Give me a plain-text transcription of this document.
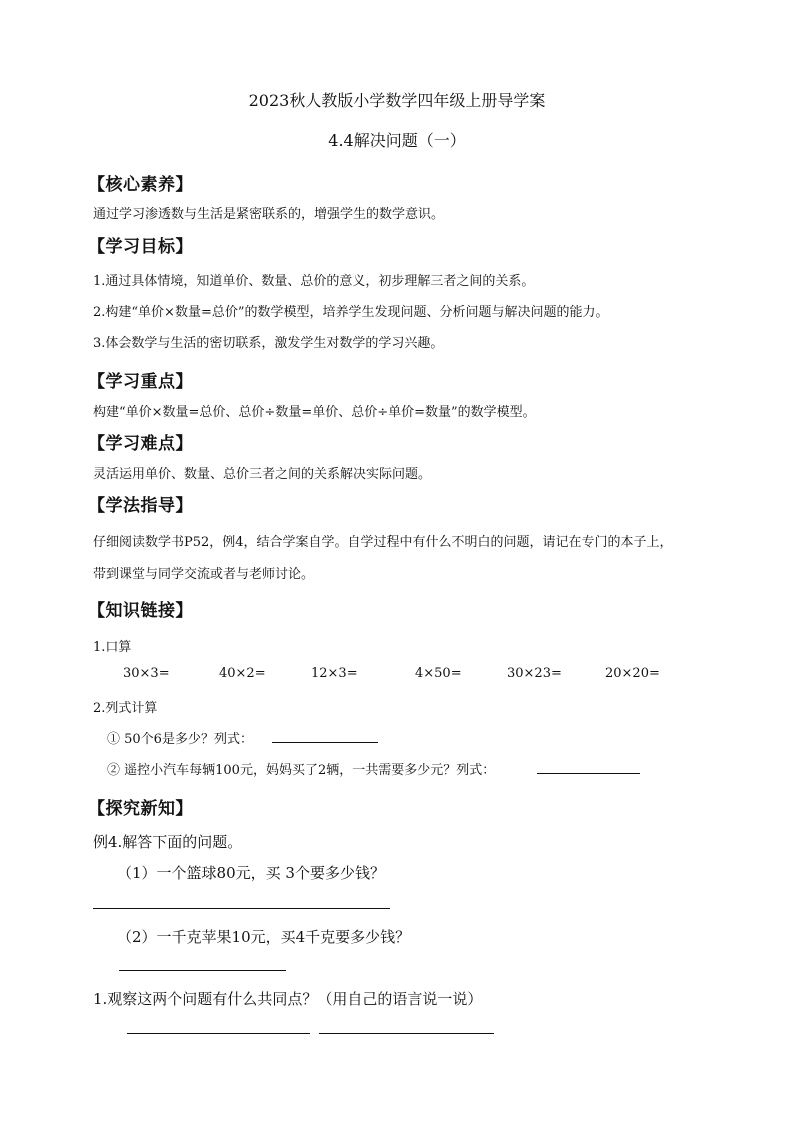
2023秋人教版小学数学四年级上册导学案
4.4解决问题（一）
【核心素养】
通过学习渗透数与生活是紧密联系的，增强学生的数学意识。
【学习目标】
1.通过具体情境，知道单价、数量、总价的意义，初步理解三者之间的关系。
2.构建“单价×数量=总价”的数学模型，培养学生发现问题、分析问题与解决问题的能力。
3.体会数学与生活的密切联系，激发学生对数学的学习兴趣。
【学习重点】
构建“单价×数量=总价、总价÷数量=单价、总价÷单价=数量”的数学模型。
【学习难点】
灵活运用单价、数量、总价三者之间的关系解决实际问题。
【学法指导】
仔细阅读数学书P52，例4，结合学案自学。自学过程中有什么不明白的问题，请记在专门的本子上，
带到课堂与同学交流或者与老师讨论。
【知识链接】
1.口算
30×3=	40×2=	12×3=	4×50=	30×23=	20×20=
2.列式计算
① 50个6是多少？列式：
② 遥控小汽车每辆100元，妈妈买了2辆，一共需要多少元？列式：
【探究新知】
例4.解答下面的问题。
（1）一个篮球80元，买 3个要多少钱？
（2）一千克苹果10元，买4千克要多少钱？
1.观察这两个问题有什么共同点？（用自己的语言说一说）
